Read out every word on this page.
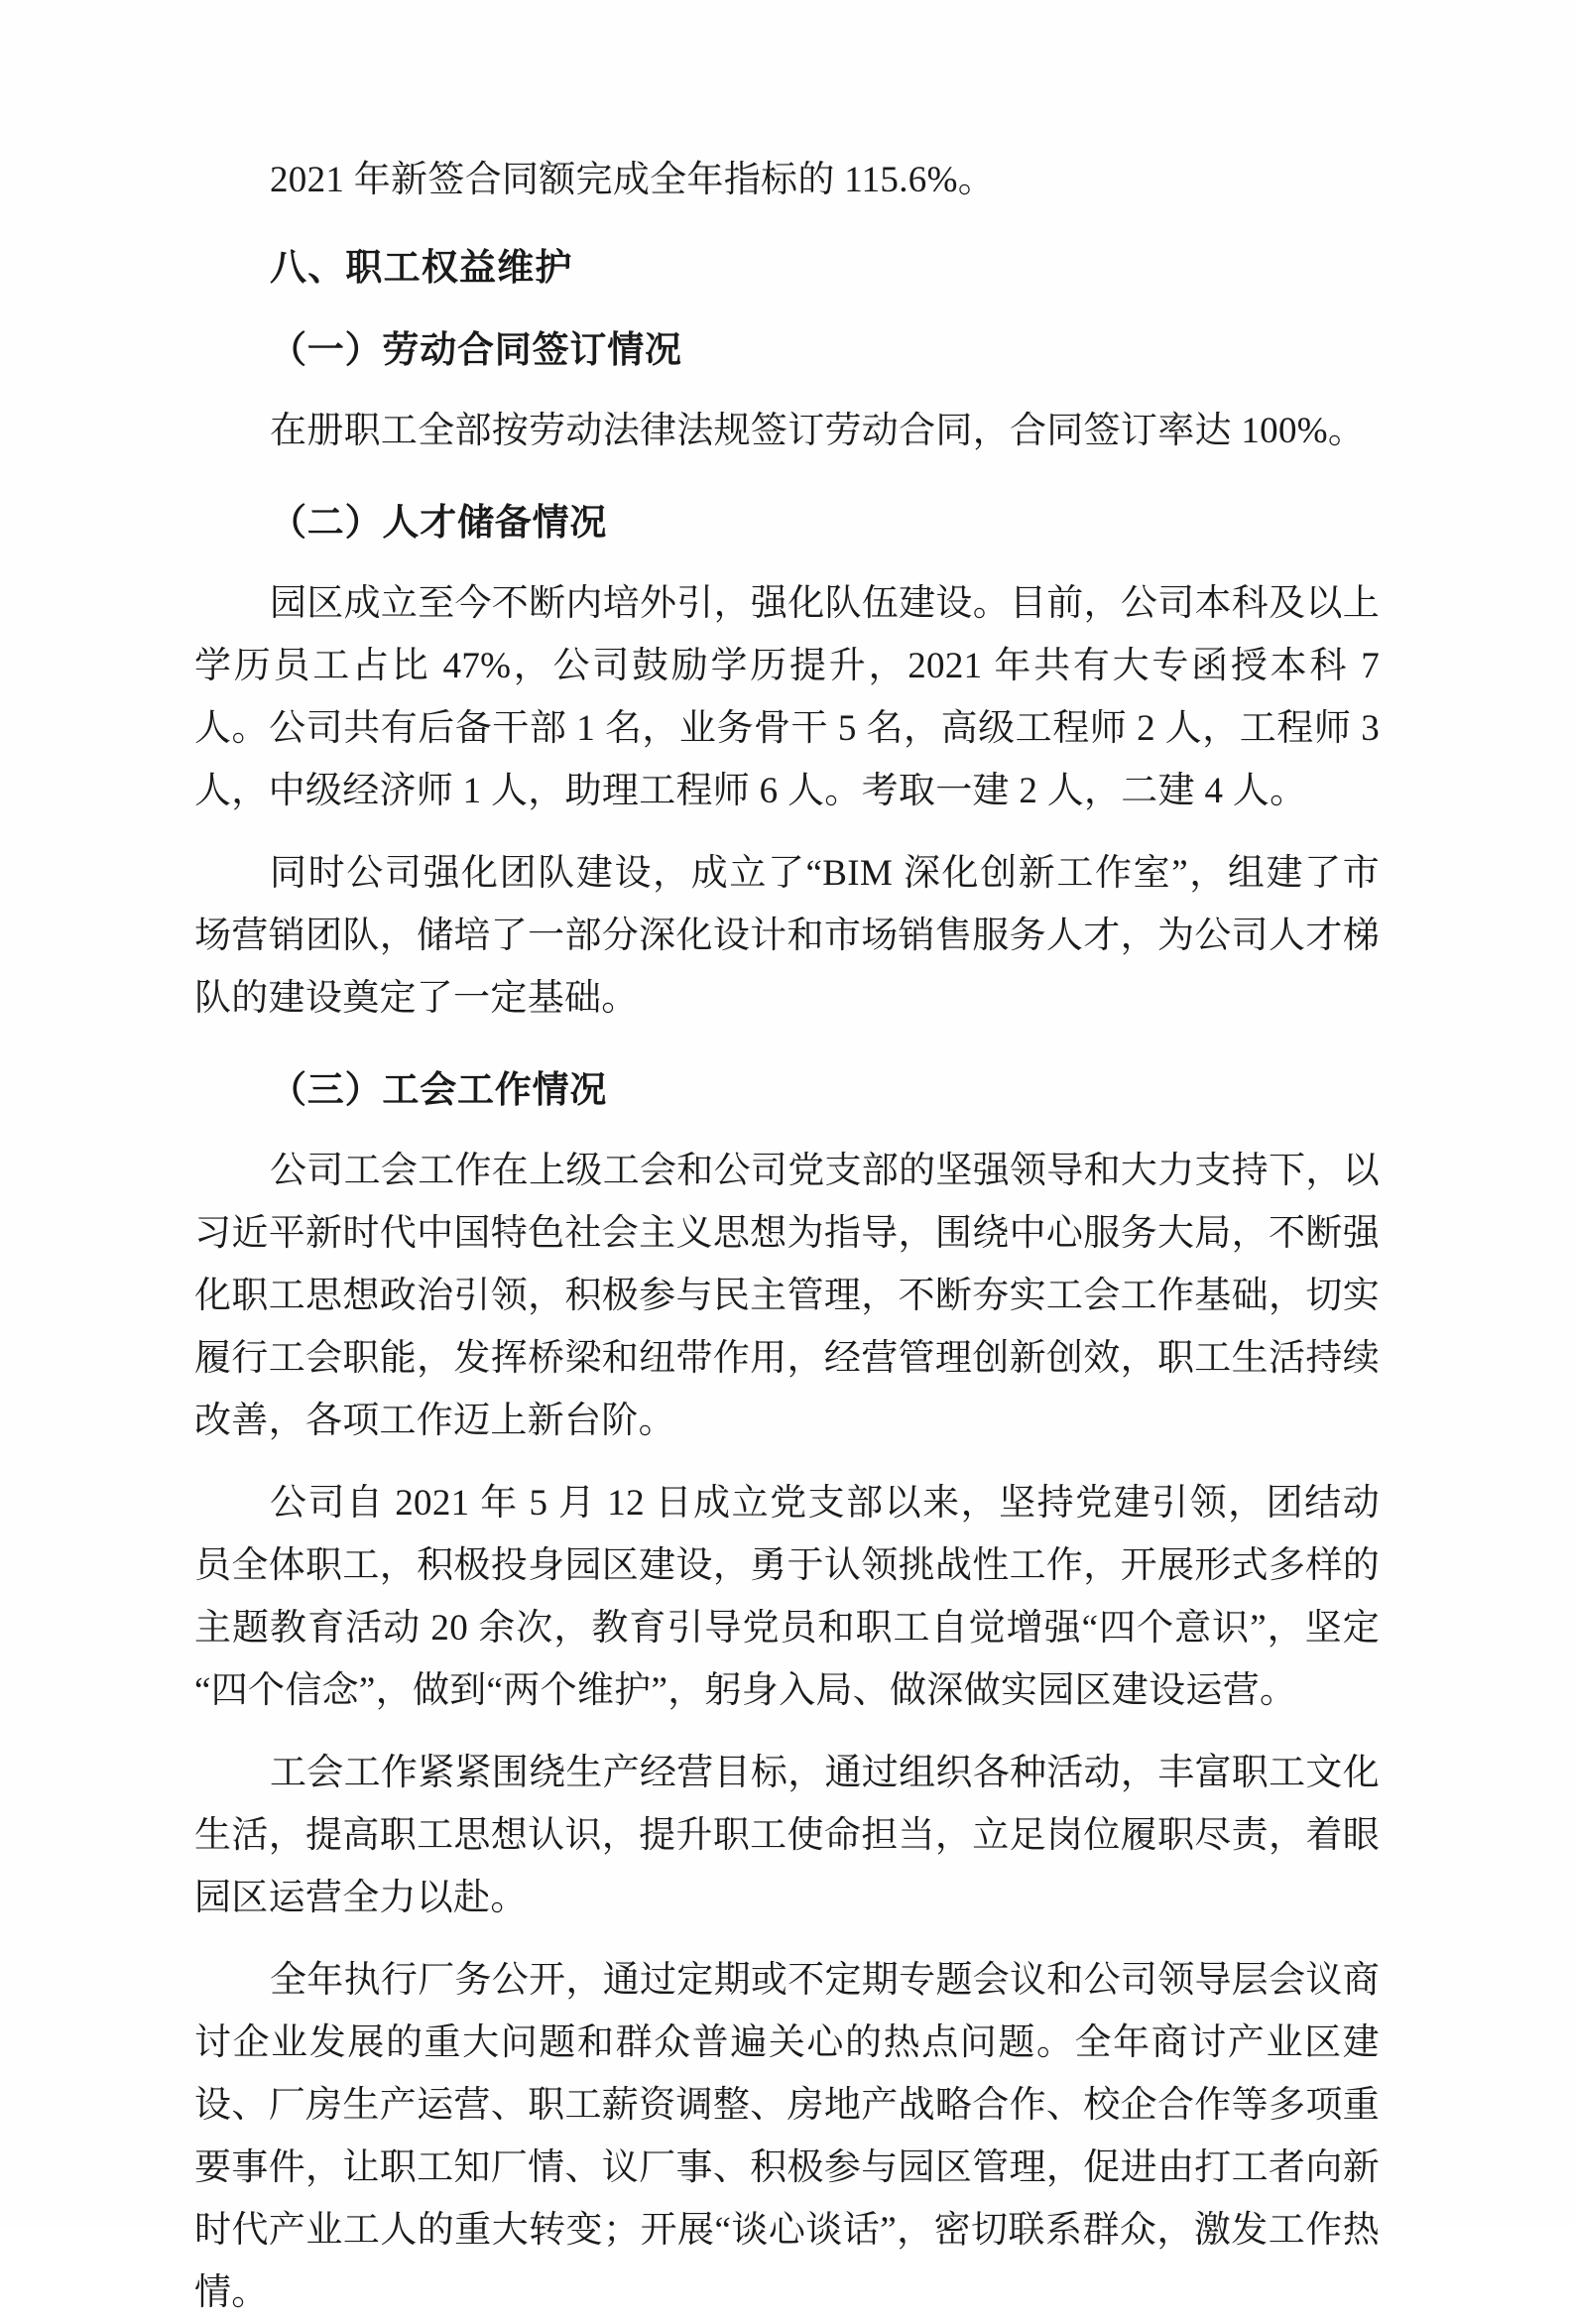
2021 年新签合同额完成全年指标的 115.6%。

八、职工权益维护
（一）劳动合同签订情况

在册职工全部按劳动法律法规签订劳动合同，合同签订率达 100%。

（二）人才储备情况

园区成立至今不断内培外引，强化队伍建设。目前，公司本科及以上学历员工占比 47%，公司鼓励学历提升，2021 年共有大专函授本科 7 人。公司共有后备干部 1 名，业务骨干 5 名，高级工程师 2 人，工程师 3 人，中级经济师 1 人，助理工程师 6 人。考取一建 2 人，二建 4 人。

同时公司强化团队建设，成立了“BIM 深化创新工作室”，组建了市场营销团队，储培了一部分深化设计和市场销售服务人才，为公司人才梯队的建设奠定了一定基础。

（三）工会工作情况

公司工会工作在上级工会和公司党支部的坚强领导和大力支持下，以习近平新时代中国特色社会主义思想为指导，围绕中心服务大局，不断强化职工思想政治引领，积极参与民主管理，不断夯实工会工作基础，切实履行工会职能，发挥桥梁和纽带作用，经营管理创新创效，职工生活持续改善，各项工作迈上新台阶。

公司自 2021 年 5 月 12 日成立党支部以来，坚持党建引领，团结动员全体职工，积极投身园区建设，勇于认领挑战性工作，开展形式多样的主题教育活动 20 余次，教育引导党员和职工自觉增强“四个意识”，坚定“四个信念”，做到“两个维护”，躬身入局、做深做实园区建设运营。

工会工作紧紧围绕生产经营目标，通过组织各种活动，丰富职工文化生活，提高职工思想认识，提升职工使命担当，立足岗位履职尽责，着眼园区运营全力以赴。

全年执行厂务公开，通过定期或不定期专题会议和公司领导层会议商讨企业发展的重大问题和群众普遍关心的热点问题。全年商讨产业区建设、厂房生产运营、职工薪资调整、房地产战略合作、校企合作等多项重要事件，让职工知厂情、议厂事、积极参与园区管理，促进由打工者向新时代产业工人的重大转变；开展“谈心谈话”，密切联系群众，激发工作热情。
